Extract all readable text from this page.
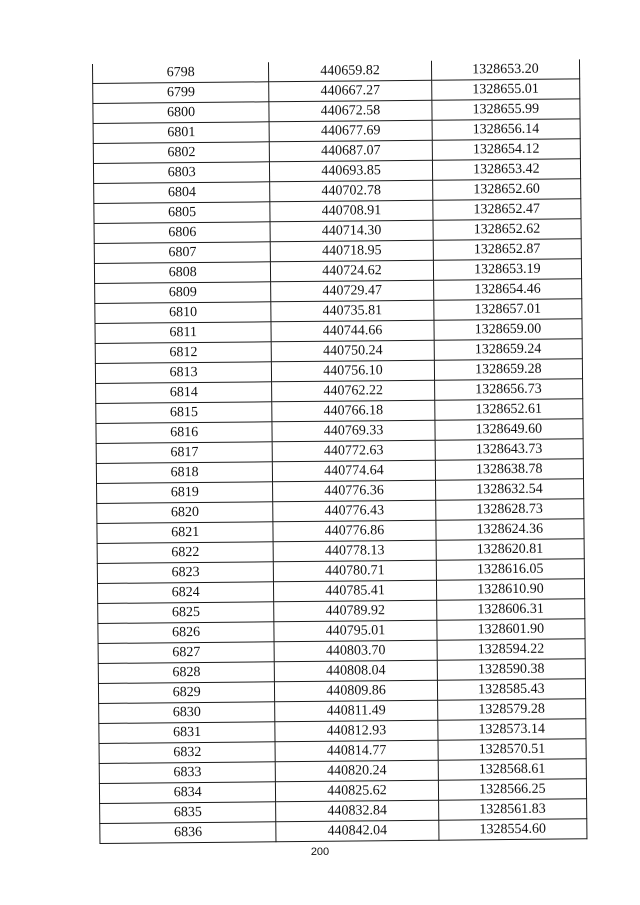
6798	440659.82	1328653.20
6799	440667.27	1328655.01
6800	440672.58	1328655.99
6801	440677.69	1328656.14
6802	440687.07	1328654.12
6803	440693.85	1328653.42
6804	440702.78	1328652.60
6805	440708.91	1328652.47
6806	440714.30	1328652.62
6807	440718.95	1328652.87
6808	440724.62	1328653.19
6809	440729.47	1328654.46
6810	440735.81	1328657.01
6811	440744.66	1328659.00
6812	440750.24	1328659.24
6813	440756.10	1328659.28
6814	440762.22	1328656.73
6815	440766.18	1328652.61
6816	440769.33	1328649.60
6817	440772.63	1328643.73
6818	440774.64	1328638.78
6819	440776.36	1328632.54
6820	440776.43	1328628.73
6821	440776.86	1328624.36
6822	440778.13	1328620.81
6823	440780.71	1328616.05
6824	440785.41	1328610.90
6825	440789.92	1328606.31
6826	440795.01	1328601.90
6827	440803.70	1328594.22
6828	440808.04	1328590.38
6829	440809.86	1328585.43
6830	440811.49	1328579.28
6831	440812.93	1328573.14
6832	440814.77	1328570.51
6833	440820.24	1328568.61
6834	440825.62	1328566.25
6835	440832.84	1328561.83
6836	440842.04	1328554.60
200
